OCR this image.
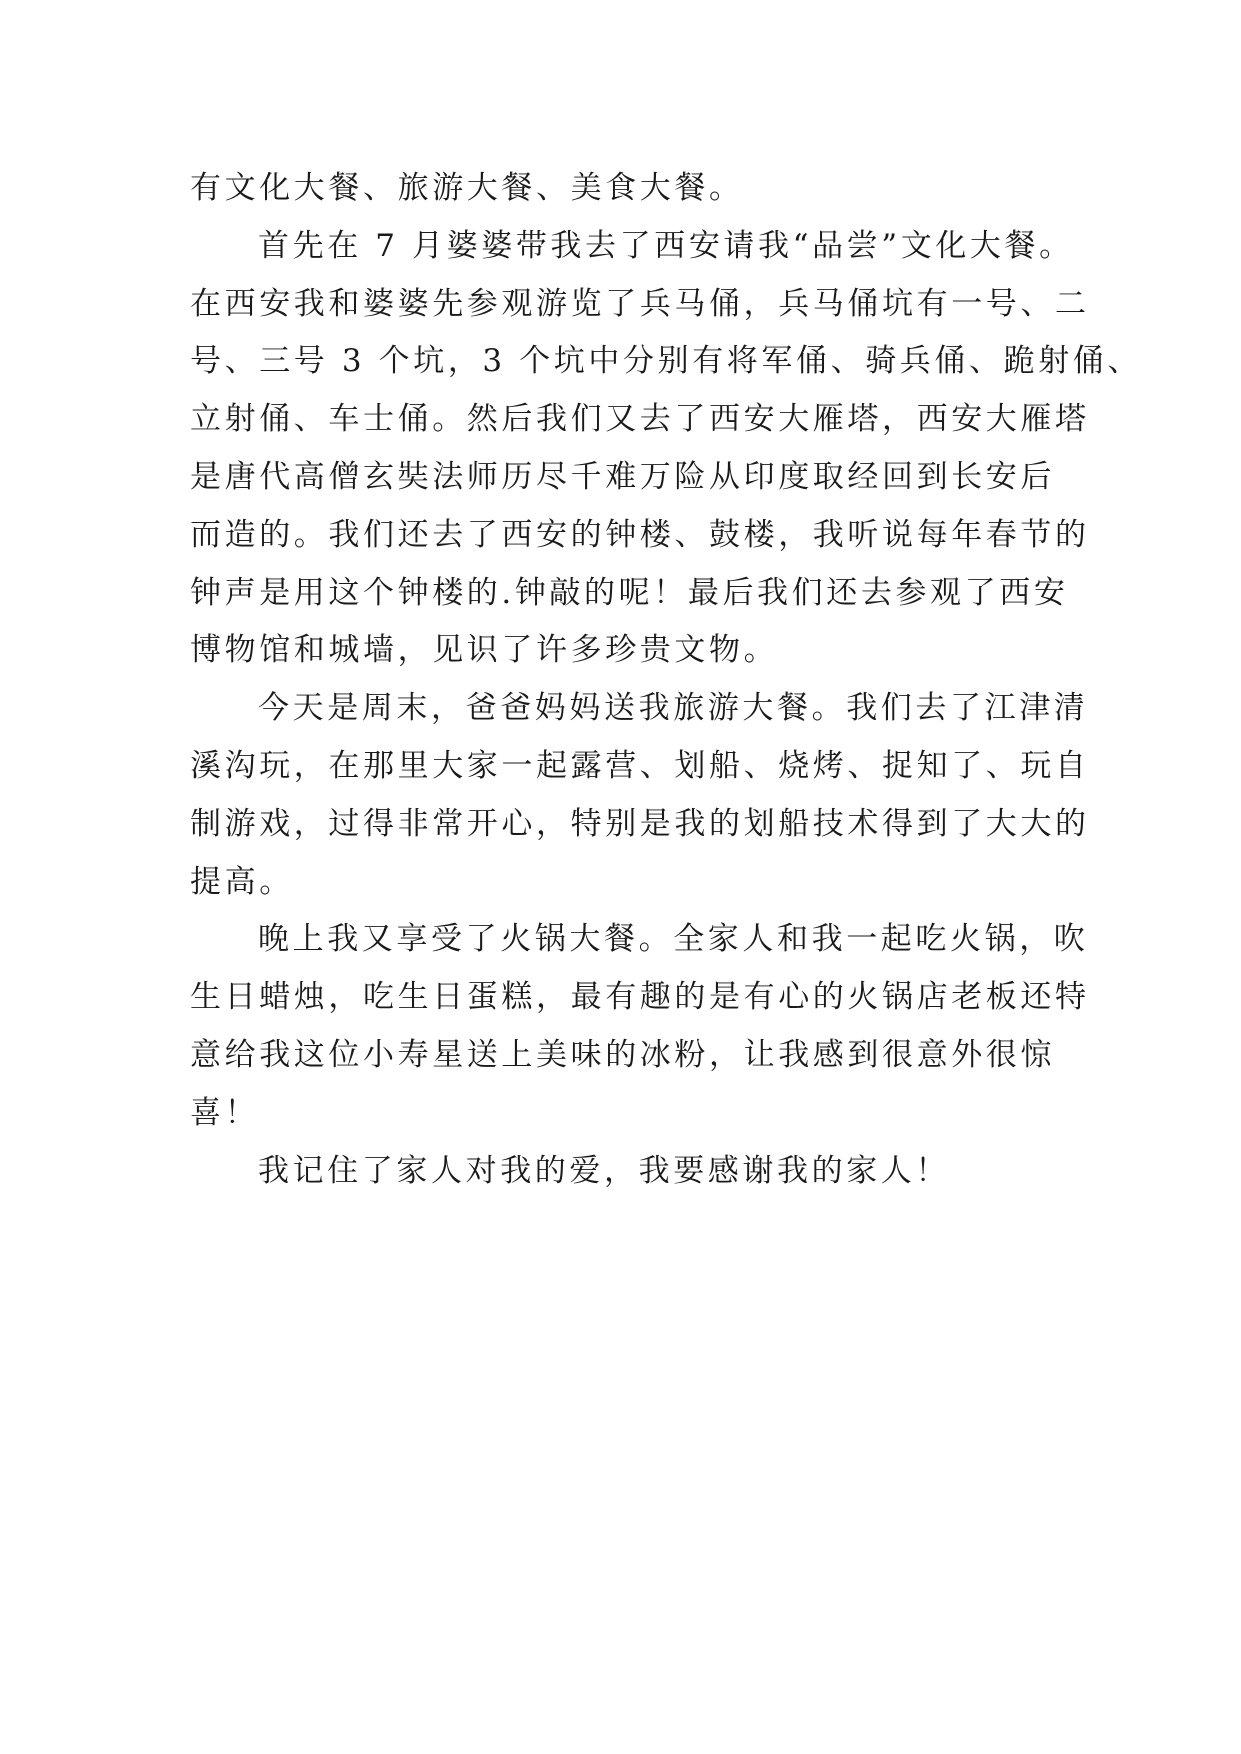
有文化大餐、旅游大餐、美食大餐。
首先在 7 月婆婆带我去了西安请我“品尝”文化大餐。
在西安我和婆婆先参观游览了兵马俑，兵马俑坑有一号、二
号、三号 3 个坑，3 个坑中分别有将军俑、骑兵俑、跪射俑、
立射俑、车士俑。然后我们又去了西安大雁塔，西安大雁塔
是唐代高僧玄奘法师历尽千难万险从印度取经回到长安后
而造的。我们还去了西安的钟楼、鼓楼，我听说每年春节的
钟声是用这个钟楼的.钟敲的呢！最后我们还去参观了西安
博物馆和城墙，见识了许多珍贵文物。
今天是周末，爸爸妈妈送我旅游大餐。我们去了江津清
溪沟玩，在那里大家一起露营、划船、烧烤、捉知了、玩自
制游戏，过得非常开心，特别是我的划船技术得到了大大的
提高。
晚上我又享受了火锅大餐。全家人和我一起吃火锅，吹
生日蜡烛，吃生日蛋糕，最有趣的是有心的火锅店老板还特
意给我这位小寿星送上美味的冰粉，让我感到很意外很惊
喜！
我记住了家人对我的爱，我要感谢我的家人！
